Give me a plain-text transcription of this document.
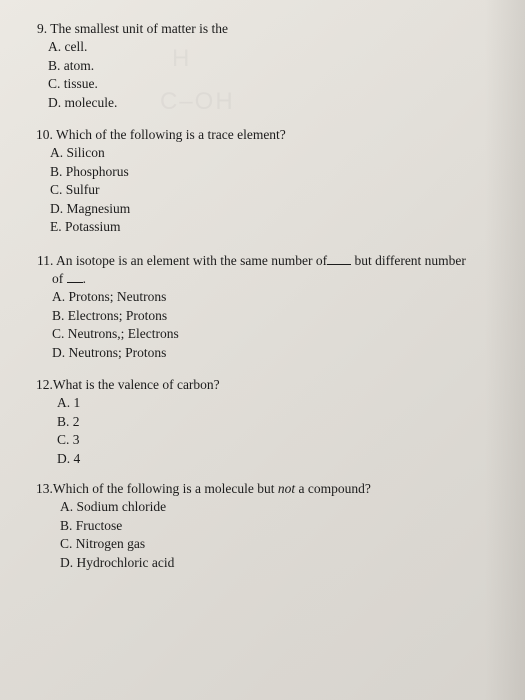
H
C–OH
9. The smallest unit of matter is the
A. cell.
B. atom.
C. tissue.
D. molecule.
10. Which of the following is a trace element?
A. Silicon
B. Phosphorus
C. Sulfur
D. Magnesium
E. Potassium
11. An isotope is an element with the same number of but different number
of .
A. Protons; Neutrons
B. Electrons; Protons
C. Neutrons,; Electrons
D. Neutrons; Protons
12.What is the valence of carbon?
A. 1
B. 2
C. 3
D. 4
13.Which of the following is a molecule but not a compound?
A. Sodium chloride
B. Fructose
C. Nitrogen gas
D. Hydrochloric acid
